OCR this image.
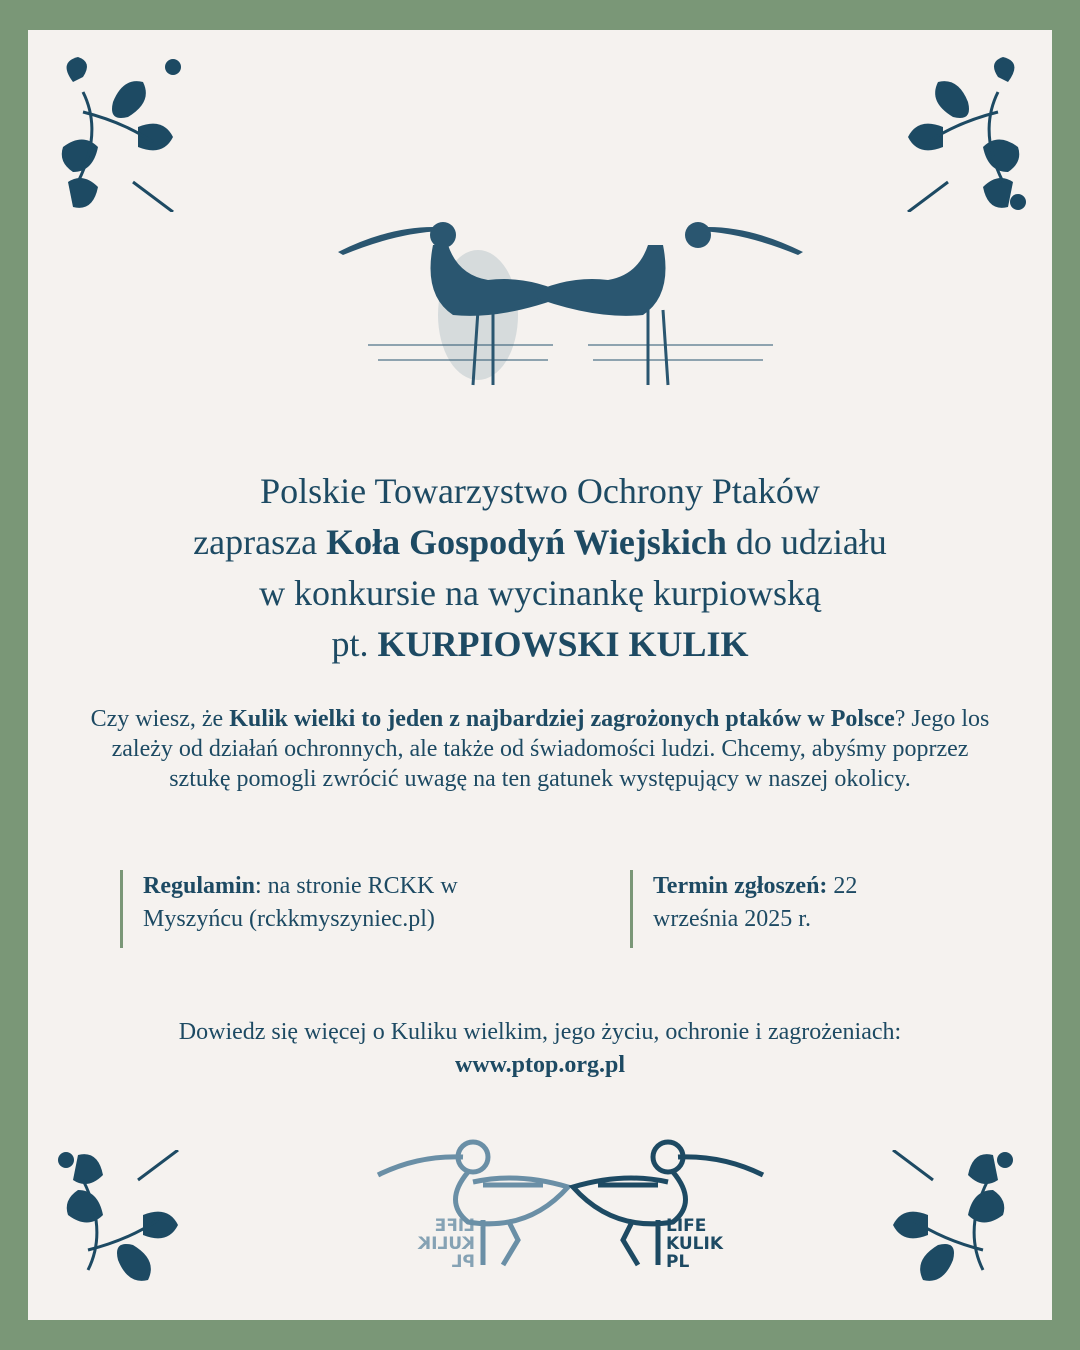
Polskie Towarzystwo Ochrony Ptaków
zaprasza Koła Gospodyń Wiejskich do udziału
w konkursie na wycinankę kurpiowską
pt. KURPIOWSKI KULIK
Czy wiesz, że Kulik wielki to jeden z najbardziej zagrożonych ptaków w Polsce? Jego los zależy od działań ochronnych, ale także od świadomości ludzi. Chcemy, abyśmy poprzez sztukę pomogli zwrócić uwagę na ten gatunek występujący w naszej okolicy.
Regulamin: na stronie RCKK w Myszyńcu (rckkmyszyniec.pl)
Termin zgłoszeń: 22 września 2025 r.
Dowiedz się więcej o Kuliku wielkim, jego życiu, ochronie i zagrożeniach:
www.ptop.org.pl
LIFE
KULIK
PL
LIFE
KULIK
PL
